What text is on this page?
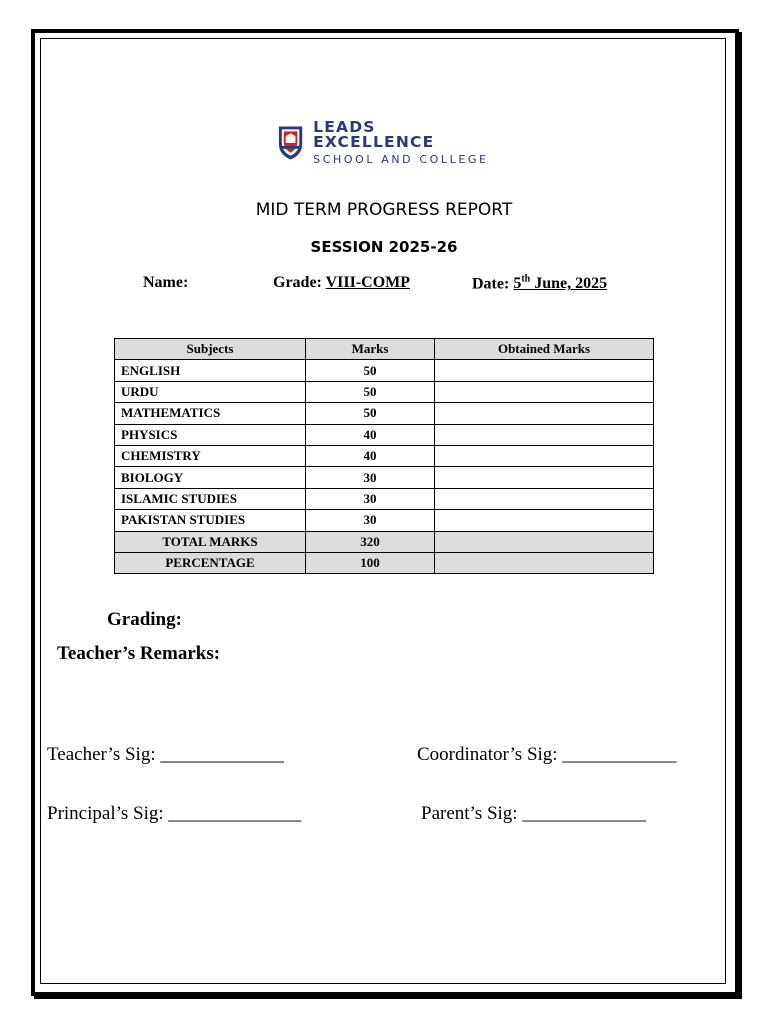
LEADS EXCELLENCE
SCHOOL AND COLLEGE
MID TERM PROGRESS REPORT
SESSION 2025-26
Name:	Grade: VIII-COMP	Date: 5th June, 2025
Subjects	Marks	Obtained Marks
ENGLISH	50	
URDU	50	
MATHEMATICS	50	
PHYSICS	40	
CHEMISTRY	40	
BIOLOGY	30	
ISLAMIC STUDIES	30	
PAKISTAN STUDIES	30	
TOTAL MARKS	320	
PERCENTAGE	100	
Grading:
Teacher’s Remarks:
Teacher’s Sig: _____________	Coordinator’s Sig: ____________
Principal’s Sig: ______________	Parent’s Sig: _____________
